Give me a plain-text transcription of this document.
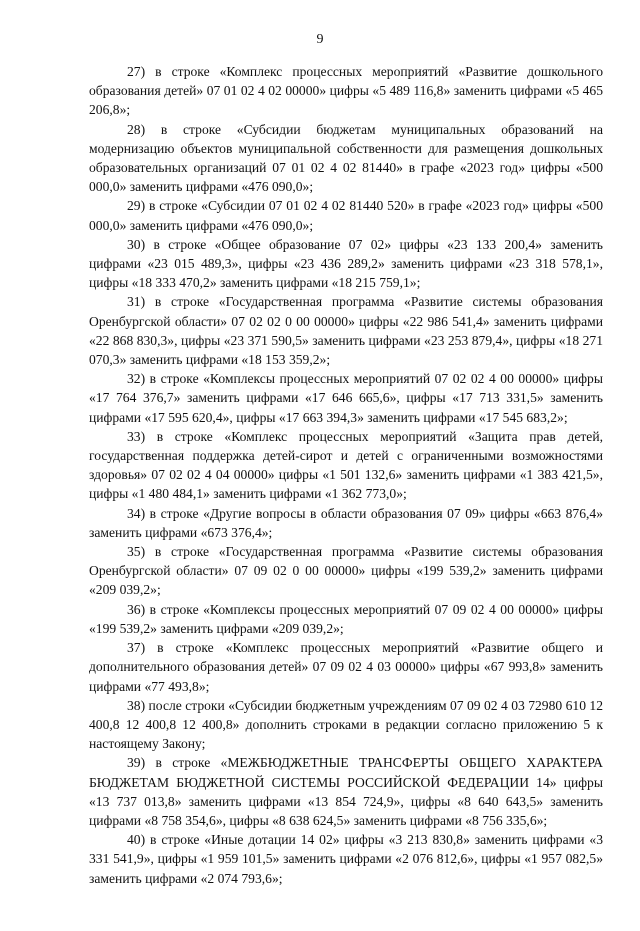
9

27) в строке «Комплекс процессных мероприятий «Развитие дошкольного образования детей» 07 01 02 4 02 00000» цифры «5 489 116,8» заменить цифрами «5 465 206,8»;

28) в строке «Субсидии бюджетам муниципальных образований на модернизацию объектов муниципальной собственности для размещения дошкольных образовательных организаций 07 01 02 4 02 81440» в графе «2023 год» цифры «500 000,0» заменить цифрами «476 090,0»;

29) в строке «Субсидии 07 01 02 4 02 81440 520» в графе «2023 год» цифры «500 000,0» заменить цифрами «476 090,0»;

30) в строке «Общее образование 07 02» цифры «23 133 200,4» заменить цифрами «23 015 489,3», цифры «23 436 289,2» заменить цифрами «23 318 578,1», цифры «18 333 470,2» заменить цифрами «18 215 759,1»;

31) в строке «Государственная программа «Развитие системы образования Оренбургской области» 07 02 02 0 00 00000» цифры «22 986 541,4» заменить цифрами «22 868 830,3», цифры «23 371 590,5» заменить цифрами «23 253 879,4», цифры «18 271 070,3» заменить цифрами «18 153 359,2»;

32) в строке «Комплексы процессных мероприятий 07 02 02 4 00 00000» цифры «17 764 376,7» заменить цифрами «17 646 665,6», цифры «17 713 331,5» заменить цифрами «17 595 620,4», цифры «17 663 394,3» заменить цифрами «17 545 683,2»;

33) в строке «Комплекс процессных мероприятий «Защита прав детей, государственная поддержка детей-сирот и детей с ограниченными возможностями здоровья» 07 02 02 4 04 00000» цифры «1 501 132,6» заменить цифрами «1 383 421,5», цифры «1 480 484,1» заменить цифрами «1 362 773,0»;

34) в строке «Другие вопросы в области образования 07 09» цифры «663 876,4» заменить цифрами «673 376,4»;

35) в строке «Государственная программа «Развитие системы образования Оренбургской области» 07 09 02 0 00 00000» цифры «199 539,2» заменить цифрами «209 039,2»;

36) в строке «Комплексы процессных мероприятий 07 09 02 4 00 00000» цифры «199 539,2» заменить цифрами «209 039,2»;

37) в строке «Комплекс процессных мероприятий «Развитие общего и дополнительного образования детей» 07 09 02 4 03 00000» цифры «67 993,8» заменить цифрами «77 493,8»;

38) после строки «Субсидии бюджетным учреждениям 07 09 02 4 03 72980 610 12 400,8 12 400,8 12 400,8» дополнить строками в редакции согласно приложению 5 к настоящему Закону;

39) в строке «МЕЖБЮДЖЕТНЫЕ ТРАНСФЕРТЫ ОБЩЕГО ХАРАКТЕРА БЮДЖЕТАМ БЮДЖЕТНОЙ СИСТЕМЫ РОССИЙСКОЙ ФЕДЕРАЦИИ 14» цифры «13 737 013,8» заменить цифрами «13 854 724,9», цифры «8 640 643,5» заменить цифрами «8 758 354,6», цифры «8 638 624,5» заменить цифрами «8 756 335,6»;

40) в строке «Иные дотации 14 02» цифры «3 213 830,8» заменить цифрами «3 331 541,9», цифры «1 959 101,5» заменить цифрами «2 076 812,6», цифры «1 957 082,5» заменить цифрами «2 074 793,6»;
